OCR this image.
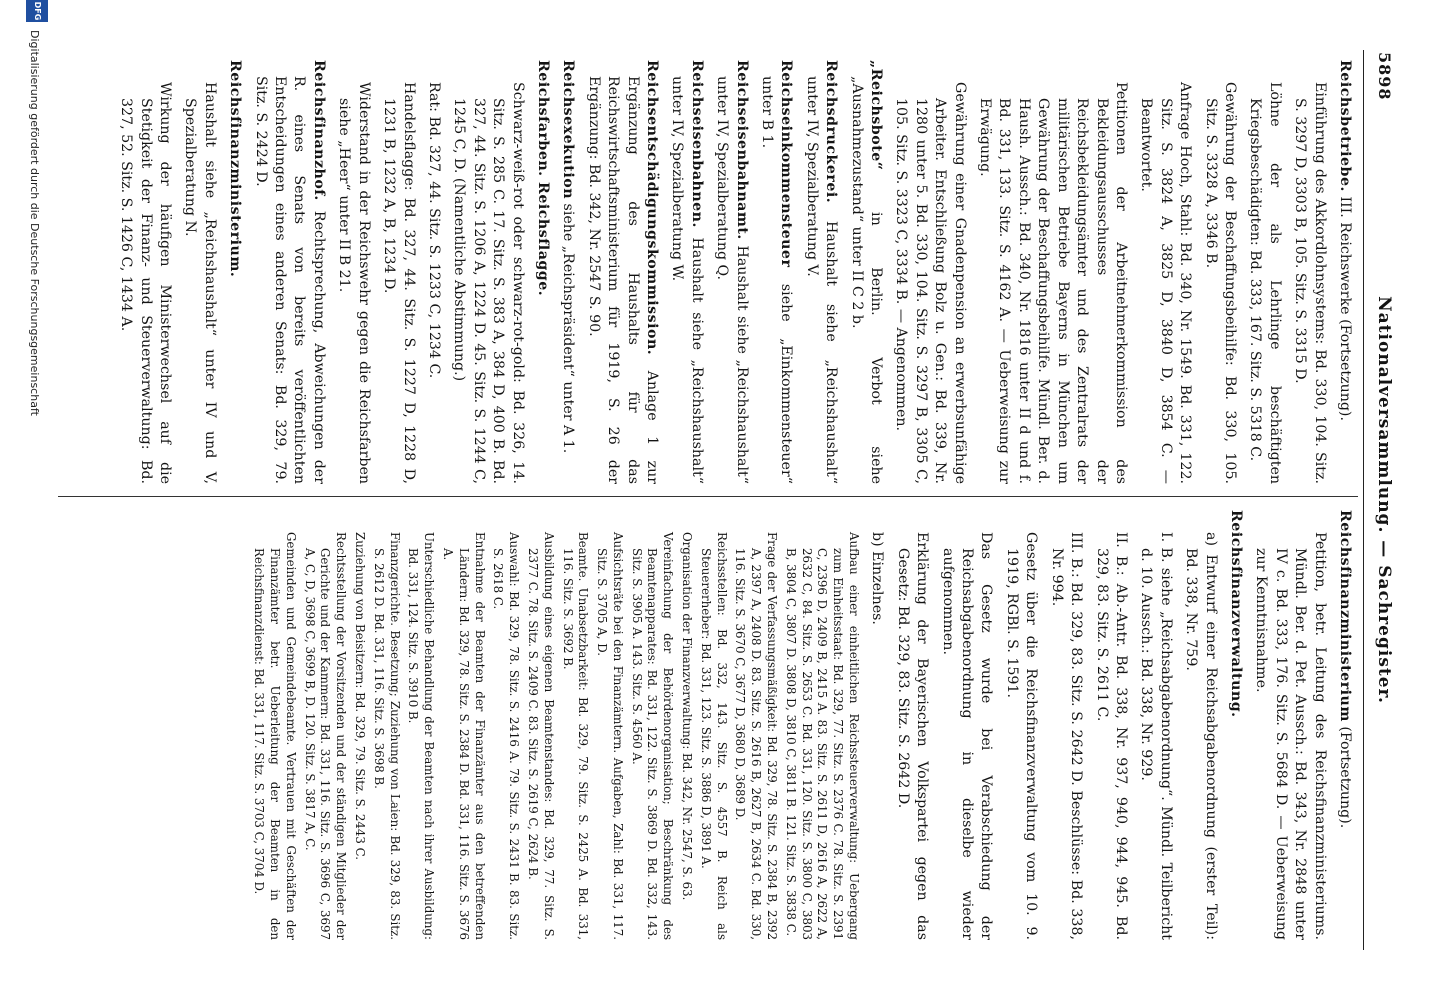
5898
Nationalversammlung. — Sachregister.
Reichsbetriebe. III. Reichswerke (Fortsetzung).
Einführung des Akkordlohnsystems: Bd. 330, 104. Sitz. S. 3297 D, 3303 B, 105. Sitz. S. 3315 D.
Löhne der als Lehrlinge beschäftigten Kriegsbeschädigten: Bd. 333, 167. Sitz. S. 5318 C.
Gewährung der Beschaffungsbeihilfe: Bd. 330, 105. Sitz. S. 3328 A, 3346 B.
Anfrage Hoch, Stahl: Bd. 340, Nr. 1549. Bd. 331, 122. Sitz. S. 3824 A, 3825 D, 3840 D, 3854 C. — Beantwortet.
Petitionen der Arbeitnehmerkommission des Bekleidungsausschusses der Reichsbekleidungsämter und des Zentralrats der militärischen Betriebe Bayerns in München um Gewährung der Beschaffungsbeihilfe. Mündl. Ber. d. Haush. Aussch.: Bd. 340, Nr. 1816 unter II d und f. Bd. 331, 133. Sitz. S. 4162 A. — Ueberweisung zur Erwägung.
Gewährung einer Gnadenpension an erwerbsunfähige Arbeiter. Entschließung Bolz u. Gen.: Bd. 339, Nr. 1280 unter 5. Bd. 330, 104. Sitz. S. 3297 B, 3305 C, 105. Sitz. S. 3323 C, 3334 B. — Angenommen.
„Reichsbote“ in Berlin. Verbot siehe „Ausnahmezustand“ unter II C 2 b.
Reichsdruckerei. Haushalt siehe „Reichshaushalt“ unter IV, Spezialberatung V.
Reichseinkommensteuer siehe „Einkommensteuer“ unter B 1.
Reichseisenbahnamt. Haushalt siehe „Reichshaushalt“ unter IV, Spezialberatung Q.
Reichseisenbahnen. Haushalt siehe „Reichshaushalt“ unter IV, Spezialberatung W.
Reichsentschädigungskommission. Anlage 1 zur Ergänzung des Haushalts für das Reichswirtschaftsministerium für 1919, S. 26 der Ergänzung: Bd. 342, Nr. 2547 S. 90.
Reichsexekution siehe „Reichspräsident“ unter A 1.
Reichsfarben. Reichsflagge.
Schwarz-weiß-rot oder schwarz-rot-gold: Bd. 326, 14. Sitz. S. 285 C. 17. Sitz. S. 383 A, 384 D, 400 B. Bd. 327, 44. Sitz. S. 1206 A, 1224 D. 45. Sitz. S. 1244 C, 1245 C, D. (Namentliche Abstimmung.)
Rat: Bd. 327, 44. Sitz. S. 1233 C, 1234 C.
Handelsflagge: Bd. 327, 44. Sitz. S. 1227 D, 1228 D, 1231 B, 1232 A, B, 1234 D.
Widerstand in der Reichswehr gegen die Reichsfarben siehe „Heer“ unter II B 21.
Reichsfinanzhof. Rechtsprechung, Abweichungen der R. eines Senats von bereits veröffentlichten Entscheidungen eines anderen Senats: Bd. 329, 79. Sitz. S. 2424 D.
Reichsfinanzministerium.
Haushalt siehe „Reichshaushalt“ unter IV und V, Spezialberatung N.
Wirkung der häufigen Ministerwechsel auf die Stetigkeit der Finanz- und Steuerverwaltung: Bd. 327, 52. Sitz. S. 1426 C, 1434 A.
Reichsfinanzministerium (Fortsetzung).
Petition, betr. Leitung des Reichsfinanzministeriums. Mündl. Ber. d. Pet. Aussch.: Bd. 343, Nr. 2848 unter IV c. Bd. 333, 176. Sitz. S. 5684 D. — Ueberweisung zur Kenntnisnahme.
Reichsfinanzverwaltung.
a) Entwurf einer Reichsabgabenordnung (erster Teil): Bd. 338, Nr. 759.
I. B. siehe „Reichsabgabenordnung“. Mündl. Teilbericht d. 10. Aussch.: Bd. 338, Nr. 929.
II. B.: Ab.-Antr. Bd. 338, Nr. 937, 940, 944, 945. Bd. 329, 83. Sitz. S. 2611 C.
III. B.: Bd. 329, 83. Sitz. S. 2642 D. Beschlüsse: Bd. 338, Nr. 994.
Gesetz über die Reichsfinanzverwaltung vom 10. 9. 1919, RGBl. S. 1591.
Das Gesetz wurde bei Verabschiedung der Reichsabgabenordnung in dieselbe wieder aufgenommen.
Erklärung der Bayerischen Volkspartei gegen das Gesetz: Bd. 329, 83. Sitz. S. 2642 D.
b) Einzelnes.
Aufbau einer einheitlichen Reichssteuerverwaltung: Uebergang zum Einheitsstaat: Bd. 329, 77. Sitz. S. 2376 C. 78. Sitz. S. 2391 C, 2396 D, 2409 B, 2415 A. 83. Sitz. S. 2611 D, 2616 A, 2622 A, 2632 C, 84. Sitz. S. 2653 C. Bd. 331, 120. Sitz. S. 3800 C, 3803 B, 3804 C, 3807 D. 3808 D, 3810 C, 3811 B. 121. Sitz. S. 3838 C.
Frage der Verfassungsmäßigkeit: Bd. 329, 78. Sitz. S. 2384 B, 2392 A, 2397 A, 2408 D. 83. Sitz. S. 2616 B, 2627 B, 2634 C. Bd. 330, 116. Sitz. S. 3670 C, 3677 D, 3680 D, 3689 D.
Reichsstellen: Bd. 332, 143. Sitz. S. 4557 B. Reich als Steuererheber: Bd. 331, 123. Sitz. S. 3886 D, 3891 A.
Organisation der Finanzverwaltung: Bd. 342, Nr. 2547, S. 63.
Vereinfachung der Behördenorganisation; Beschränkung des Beamtenapparates: Bd. 331, 122. Sitz. S. 3869 D. Bd. 332, 143. Sitz. S. 3905 A. 143. Sitz. S. 4560 A.
Aufsichtsräte bei den Finanzämtern. Aufgaben, Zahl: Bd. 331, 117. Sitz. S. 3705 A, D.
Beamte. Unabsetzbarkeit: Bd. 329, 79. Sitz. S. 2425 A. Bd. 331, 116. Sitz. S. 3692 B.
Ausbildung eines eigenen Beamtenstandes: Bd. 329, 77. Sitz. S. 2377 C. 78. Sitz. S. 2409 C. 83. Sitz. S. 2619 C, 2624 B.
Auswahl: Bd. 329, 78. Sitz. S. 2416 A. 79. Sitz. S. 2431 B. 83. Sitz. S. 2618 C.
Entnahme der Beamten der Finanzämter aus den betreffenden Ländern: Bd. 329, 78. Sitz. S. 2384 D. Bd. 331, 116. Sitz. S. 3676 A.
Unterschiedliche Behandlung der Beamten nach ihrer Ausbildung: Bd. 331, 124. Sitz. S. 3910 B.
Finanzgerichte. Besetzung; Zuziehung von Laien: Bd. 329, 83. Sitz. S. 2612 D. Bd. 331, 116. Sitz. S. 3698 B.
Zuziehung von Beisitzern: Bd. 329, 79. Sitz. S. 2443 C.
Rechtsstellung der Vorsitzenden und der ständigen Mitglieder der Gerichte und der Kammern: Bd. 331, 116. Sitz. S. 3696 C, 3697 A, C, D, 3698 C, 3699 B, D. 120. Sitz. S. 3817 A, C.
Gemeinden und Gemeindebeamte. Vertrauen mit Geschäften der Finanzämter betr. Ueberleitung der Beamten in den Reichsfinanzdienst: Bd. 331, 117. Sitz. S. 3703 C, 3704 D.
DFG
Digitalisierung gefördert durch die Deutsche Forschungsgemeinschaft
